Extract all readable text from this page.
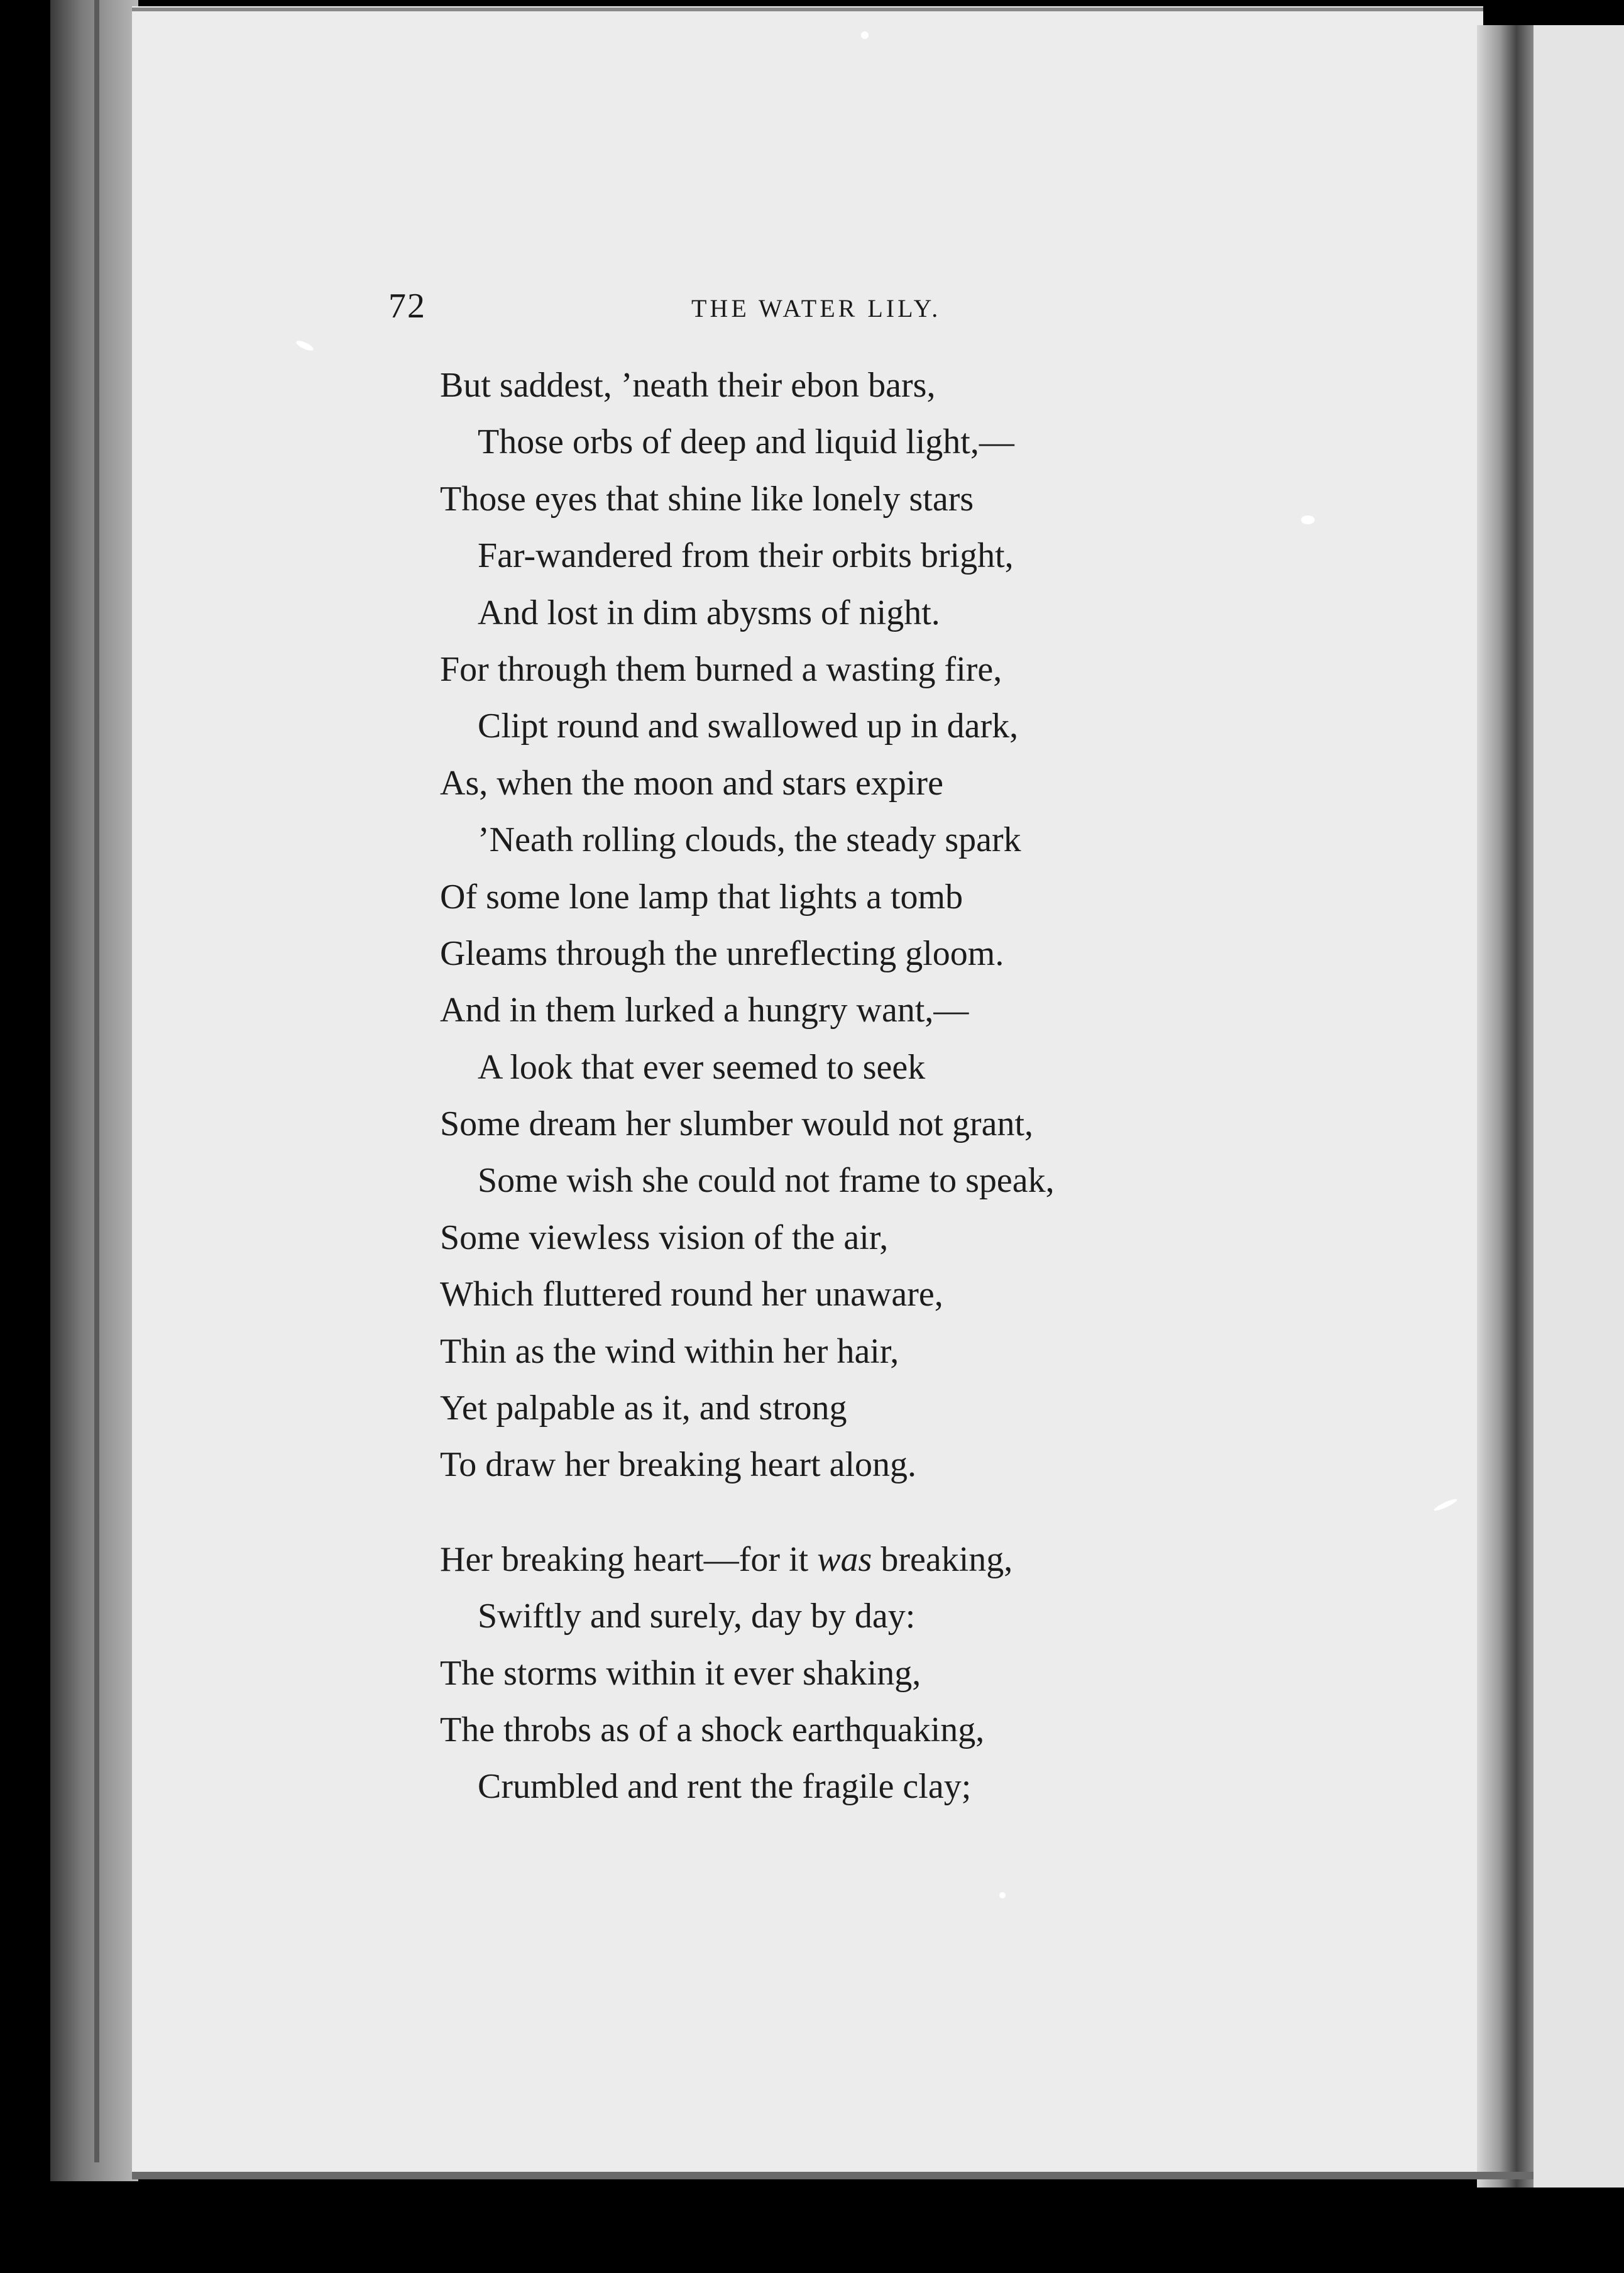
72	THE WATER LILY.
But saddest, ’neath their ebon bars,
Those orbs of deep and liquid light,—
Those eyes that shine like lonely stars
Far-wandered from their orbits bright,
And lost in dim abysms of night.
For through them burned a wasting fire,
Clipt round and swallowed up in dark,
As, when the moon and stars expire
’Neath rolling clouds, the steady spark
Of some lone lamp that lights a tomb
Gleams through the unreflecting gloom.
And in them lurked a hungry want,—
A look that ever seemed to seek
Some dream her slumber would not grant,
Some wish she could not frame to speak,
Some viewless vision of the air,
Which fluttered round her unaware,
Thin as the wind within her hair,
Yet palpable as it, and strong
To draw her breaking heart along.
Her breaking heart—for it was breaking,
Swiftly and surely, day by day:
The storms within it ever shaking,
The throbs as of a shock earthquaking,
Crumbled and rent the fragile clay;
